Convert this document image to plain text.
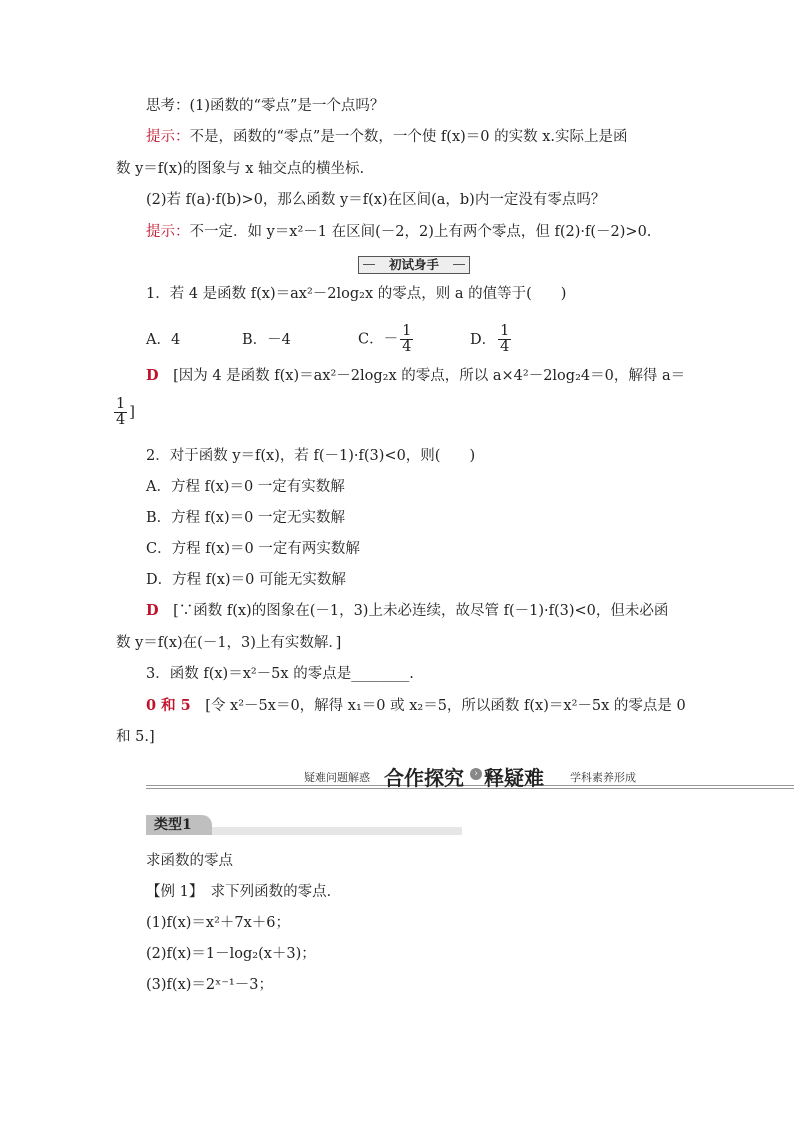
思考：(1)函数的“零点”是一个点吗？
提示：不是，函数的“零点”是一个数，一个使 f(x)＝0 的实数 x.实际上是函
数 y＝f(x)的图象与 x 轴交点的横坐标.
(2)若 f(a)·f(b)>0，那么函数 y＝f(x)在区间(a，b)内一定没有零点吗？
提示：不一定．如 y＝x²－1 在区间(－2，2)上有两个零点，但 f(2)·f(－2)>0.
初试身手
1．若 4 是函数 f(x)＝ax²－2log₂x 的零点，则 a 的值等于(　　)
A．4	B．－4	C．－ $\frac{1}{4}$	D． $\frac{1}{4}$
D　 [因为 4 是函数 f(x)＝ax²－2log₂x 的零点，所以 a×4²－2log₂4＝0，解得 a＝
$\frac{1}{4}$ ]
2．对于函数 y＝f(x)，若 f(－1)·f(3)<0，则(　　)
A．方程 f(x)＝0 一定有实数解
B．方程 f(x)＝0 一定无实数解
C．方程 f(x)＝0 一定有两实数解
D．方程 f(x)＝0 可能无实数解
D　 [∵函数 f(x)的图象在(－1，3)上未必连续，故尽管 f(－1)·f(3)<0，但未必函
数 y＝f(x)在(－1，3)上有实数解．]
3．函数 f(x)＝x²－5x 的零点是________.
0 和 5　 [令 x²－5x＝0，解得 x₁＝0 或 x₂＝5，所以函数 f(x)＝x²－5x 的零点是 0
和 5.]
疑难问题解惑 合作探究	› 释疑难 学科素养形成
类型1
求函数的零点
【例 1】　 求下列函数的零点．
(1)f(x)＝x²＋7x＋6；
(2)f(x)＝1－log₂(x＋3)；
(3)f(x)＝2ˣ⁻¹－3；
